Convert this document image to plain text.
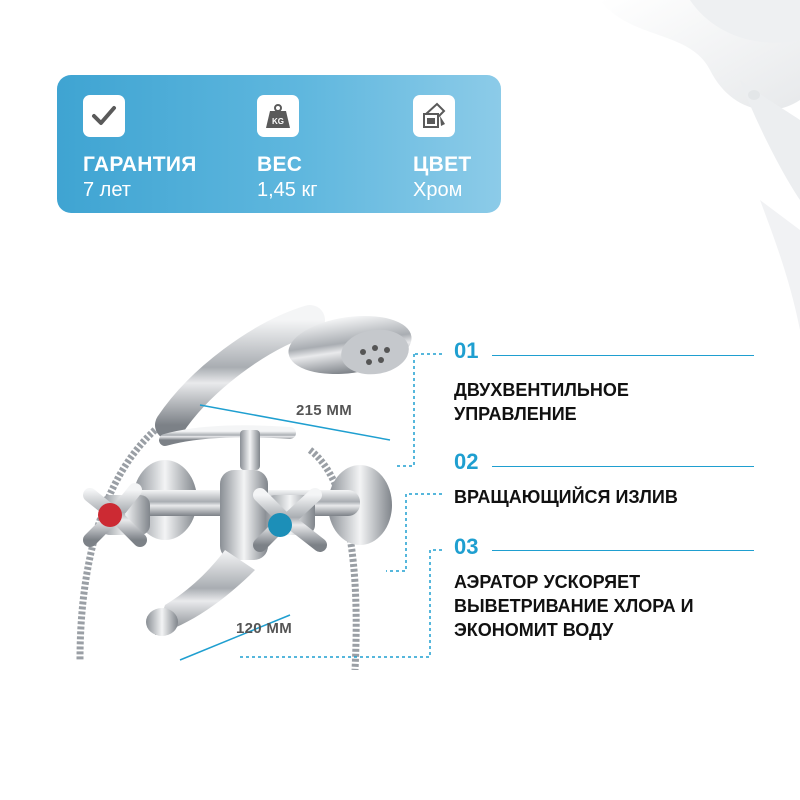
ГАРАНТИЯ
7 лет
KG
ВЕС
1,45 кг
ЦВЕТ
Хром
215 ММ
120 ММ
01
ДВУХВЕНТИЛЬНОЕ УПРАВЛЕНИЕ
02
ВРАЩАЮЩИЙСЯ ИЗЛИВ
03
АЭРАТОР УСКОРЯЕТ ВЫВЕТРИВАНИЕ ХЛОРА И ЭКОНОМИТ ВОДУ
